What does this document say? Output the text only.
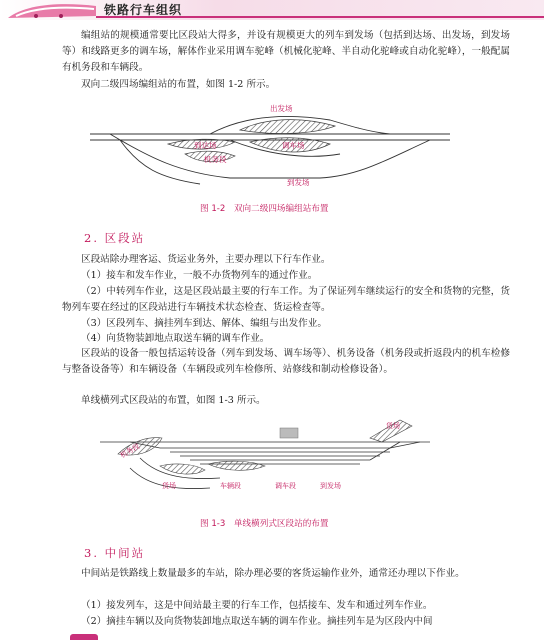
铁路行车组织

编组站的规模通常要比区段站大得多，并设有规模更大的列车到发场（包括到达场、出发场，到发场等）和线路更多的调车场，解体作业采用调车驼峰（机械化驼峰、半自动化驼峰或自动化驼峰），一般配属有机务段和车辆段。

双向二级四场编组站的布置，如图 1-2 所示。

出发场
到达场	调车场
机务段
到发场
图 1-2　双向二级四场编组站布置
2. 区段站

区段站除办理客运、货运业务外，主要办理以下行车作业。

（1）接车和发车作业，一般不办货物列车的通过作业。

（2）中转列车作业，这是区段站最主要的行车工作。为了保证列车继续运行的安全和货物的完整，货物列车要在经过的区段站进行车辆技术状态检查、货运检查等。

（3）区段列车、摘挂列车到达、解体、编组与出发作业。

（4）向货物装卸地点取送车辆的调车作业。

区段站的设备一般包括运转设备（列车到发场、调车场等）、机务设备（机务段或折返段内的机车检修与整备设备等）和车辆设备（车辆段或列车检修所、站修线和制动检修设备）。

单线横列式区段站的布置，如图 1-3 所示。

货场
机务段
货场	车辆段	调车段	到发场
图 1-3　单线横列式区段站的布置
3. 中间站

中间站是铁路线上数量最多的车站，除办理必要的客货运输作业外，通常还办理以下作业。

（1）接发列车，这是中间站最主要的行车工作，包括接车、发车和通过列车作业。

（2）摘挂车辆以及向货物装卸地点取送车辆的调车作业。摘挂列车是为区段内中间
